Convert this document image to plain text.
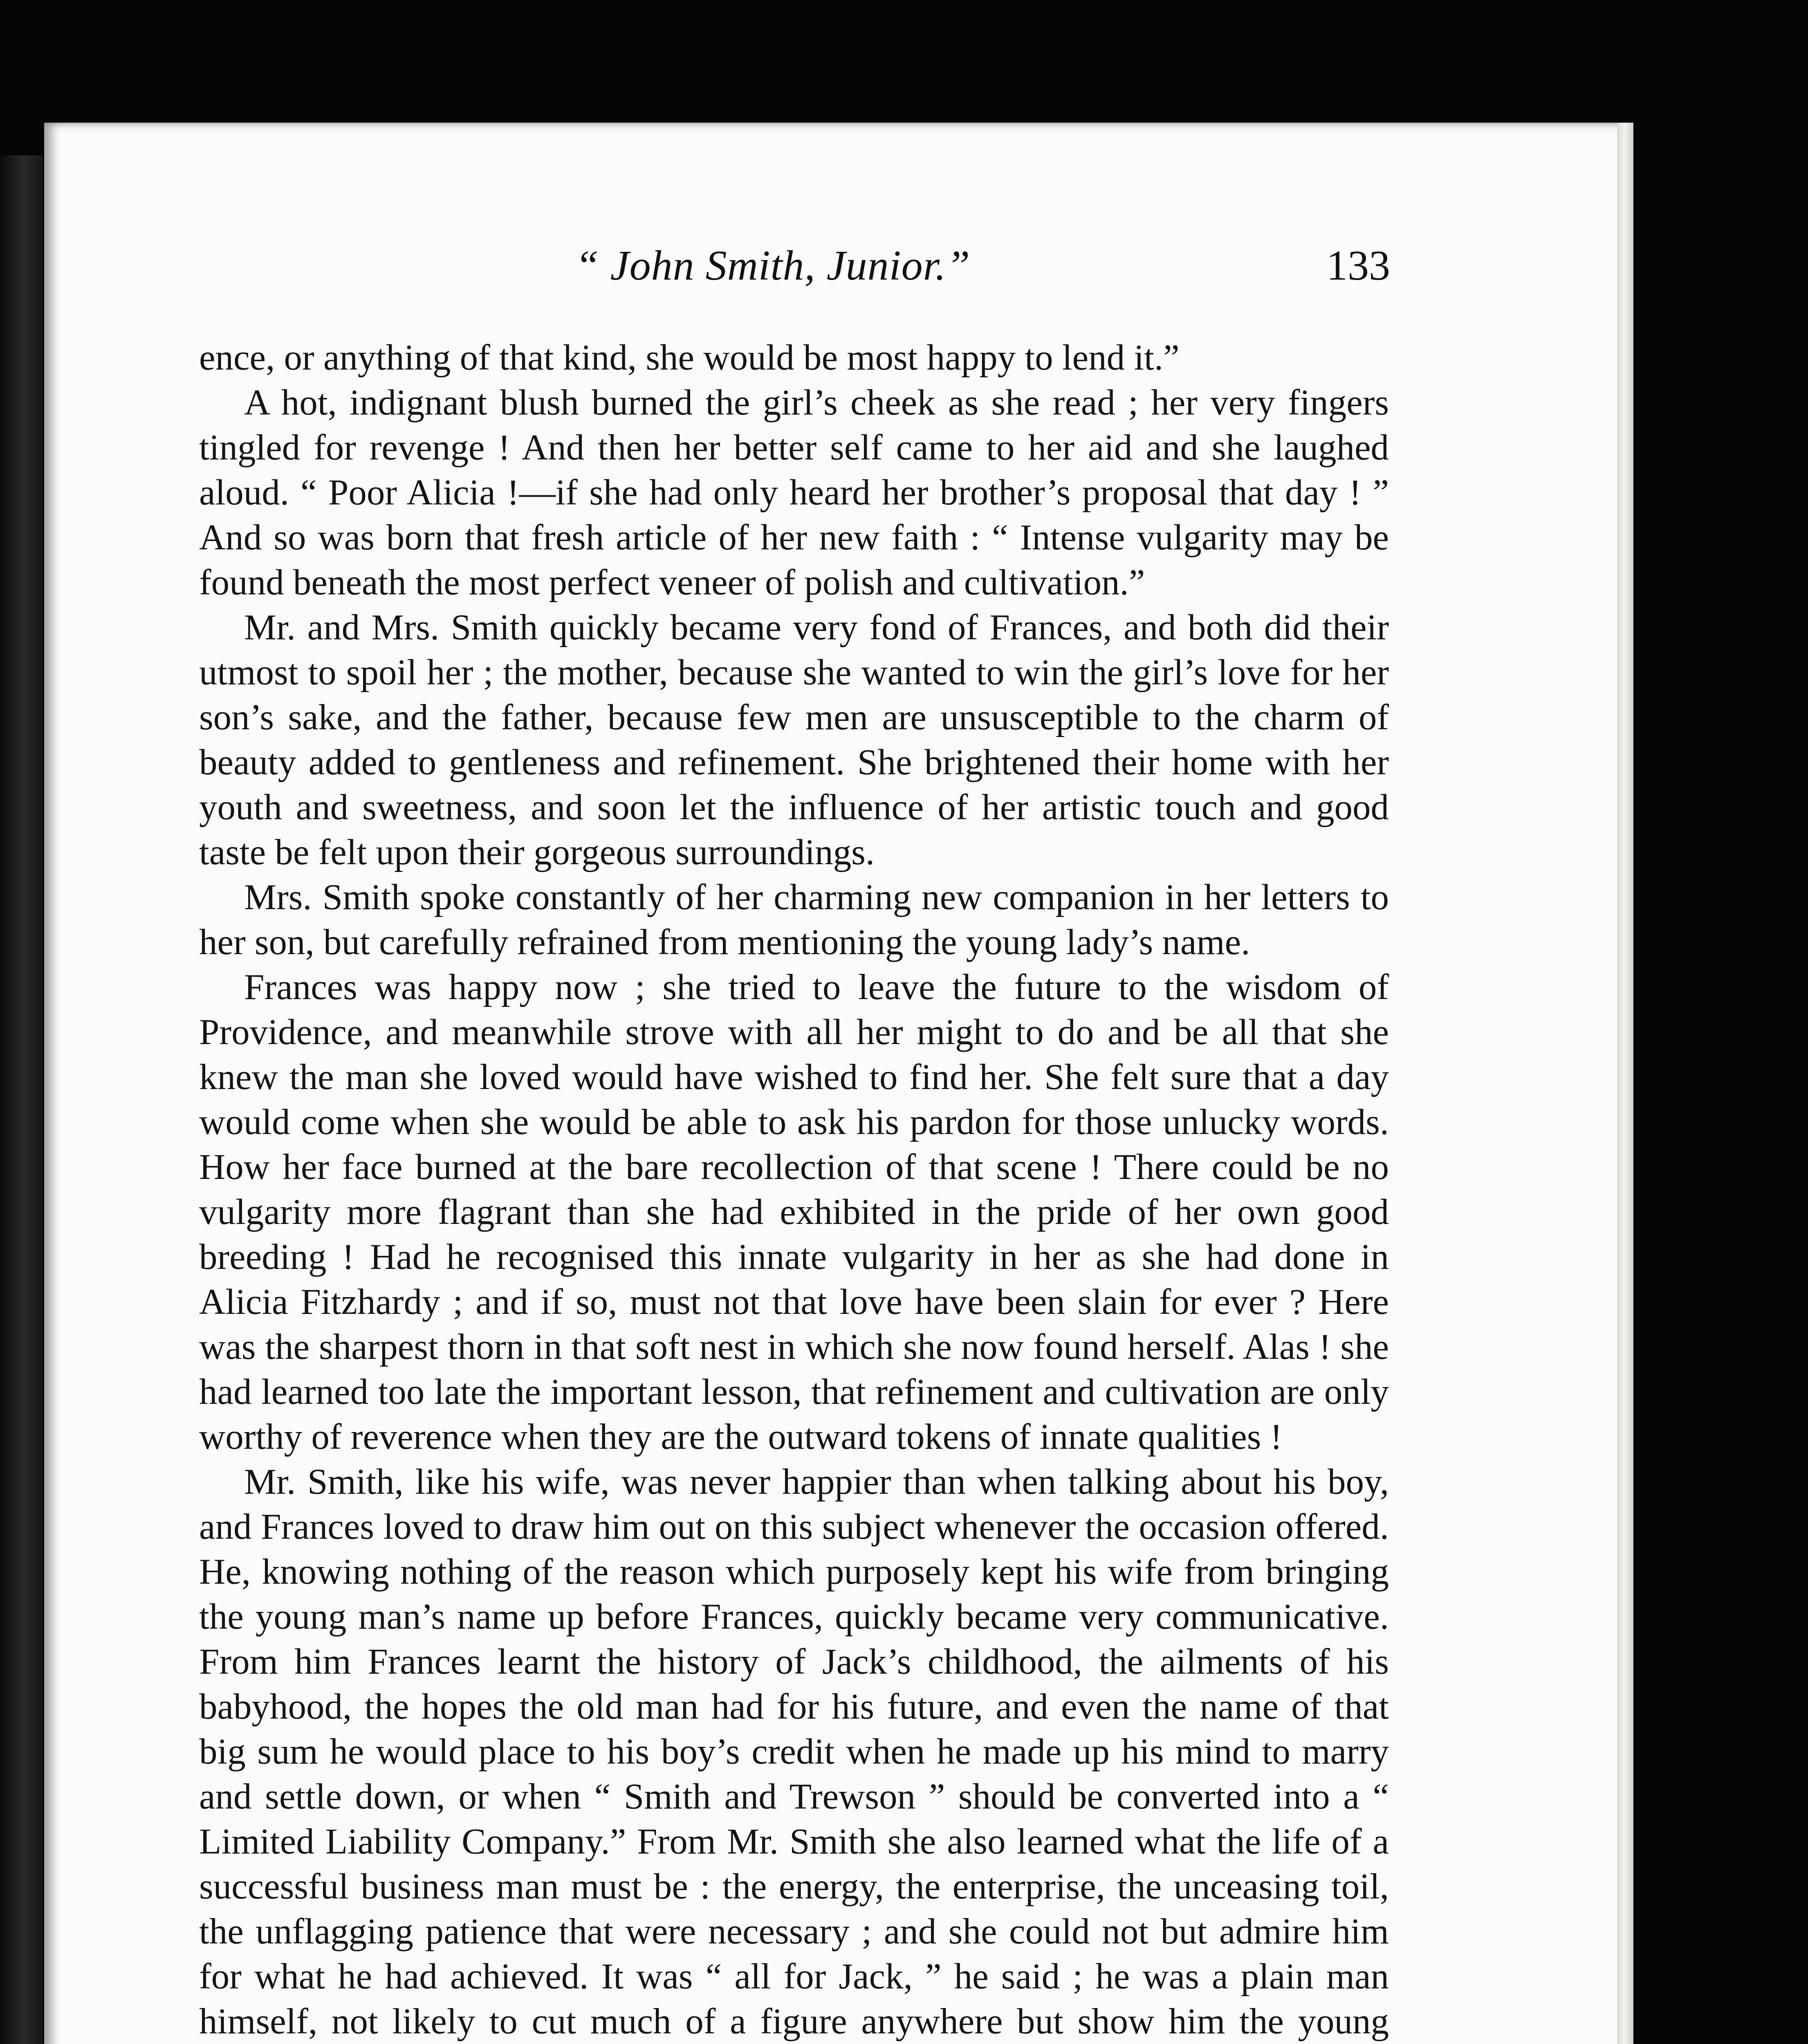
“ John Smith, Junior.”	133

ence, or anything of that kind, she would be most happy to lend it.”

A hot, indignant blush burned the girl’s cheek as she read ; her very fingers tingled for revenge ! And then her better self came to her aid and she laughed aloud. “ Poor Alicia !—if she had only heard her brother’s proposal that day ! ” And so was born that fresh article of her new faith : “ Intense vulgarity may be found beneath the most perfect veneer of polish and cultivation.”

Mr. and Mrs. Smith quickly became very fond of Frances, and both did their utmost to spoil her ; the mother, because she wanted to win the girl’s love for her son’s sake, and the father, because few men are unsusceptible to the charm of beauty added to gentleness and refinement. She brightened their home with her youth and sweetness, and soon let the influence of her artistic touch and good taste be felt upon their gorgeous surroundings.

Mrs. Smith spoke constantly of her charming new companion in her letters to her son, but carefully refrained from mentioning the young lady’s name.

Frances was happy now ; she tried to leave the future to the wisdom of Providence, and meanwhile strove with all her might to do and be all that she knew the man she loved would have wished to find her. She felt sure that a day would come when she would be able to ask his pardon for those unlucky words. How her face burned at the bare recollection of that scene ! There could be no vulgarity more flagrant than she had exhibited in the pride of her own good breeding ! Had he recognised this innate vulgarity in her as she had done in Alicia Fitzhardy ; and if so, must not that love have been slain for ever ? Here was the sharpest thorn in that soft nest in which she now found herself. Alas ! she had learned too late the important lesson, that refinement and cultivation are only worthy of reverence when they are the outward tokens of innate qualities !

Mr. Smith, like his wife, was never happier than when talking about his boy, and Frances loved to draw him out on this subject whenever the occasion offered. He, knowing nothing of the reason which purposely kept his wife from bringing the young man’s name up before Frances, quickly became very communicative. From him Frances learnt the history of Jack’s childhood, the ailments of his babyhood, the hopes the old man had for his future, and even the name of that big sum he would place to his boy’s credit when he made up his mind to marry and settle down, or when “ Smith and Trewson ” should be converted into a “ Limited Liability Company.” From Mr. Smith she also learned what the life of a successful business man must be : the energy, the enterprise, the unceasing toil, the unflagging patience that were necessary ; and she could not but admire him for what he had achieved. It was “ all for Jack, ” he said ; he was a plain man himself, not likely to cut much of a figure anywhere but show him the young
